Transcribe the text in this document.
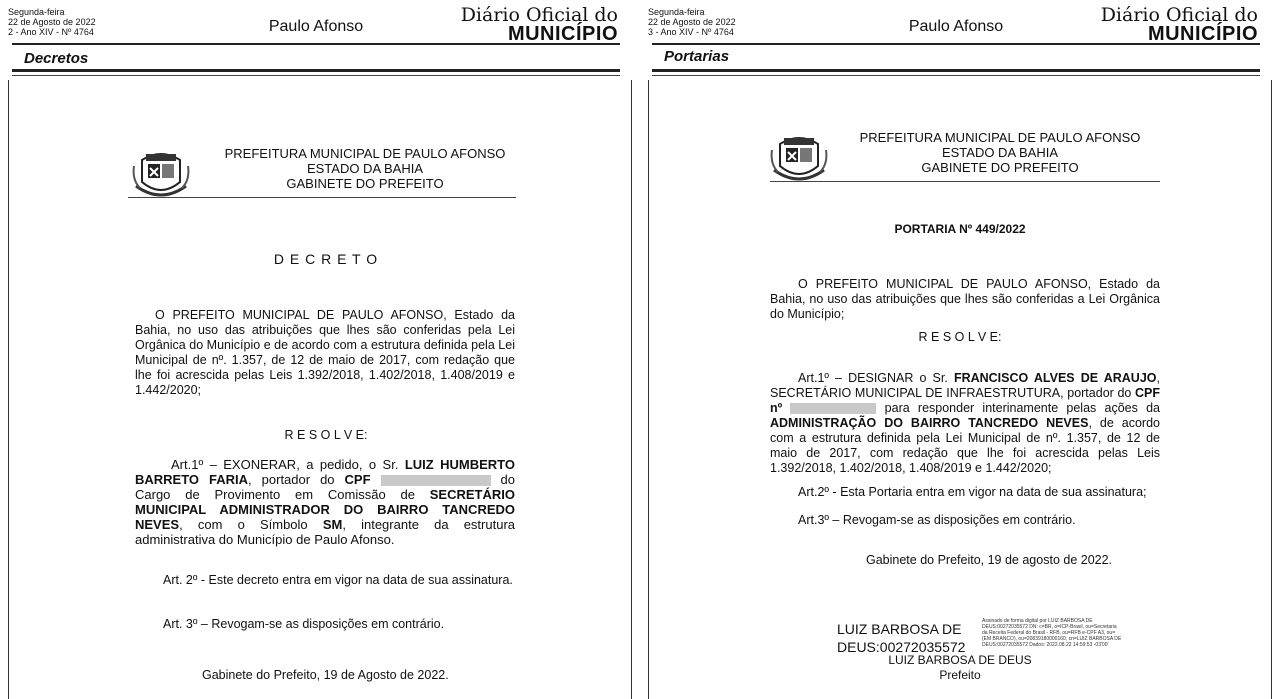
Segunda-feira
22 de Agosto de 2022
2 - Ano XIV - Nº 4764	Paulo Afonso
Diário Oficial do
MUNICÍPIO
Decretos
PREFEITURA MUNICIPAL DE PAULO AFONSO
ESTADO DA BAHIA
GABINETE DO PREFEITO
D E C R E T O
O PREFEITO MUNICIPAL DE PAULO AFONSO, Estado da Bahia, no uso das atribuições que lhes são conferidas pela Lei Orgânica do Município e de acordo com a estrutura definida pela Lei Municipal de nº. 1.357, de 12 de maio de 2017, com redação que lhe foi acrescida pelas Leis 1.392/2018, 1.402/2018, 1.408/2019 e 1.442/2020;
R E S O L V E:
Art.1º – EXONERAR, a pedido, o Sr. LUIZ HUMBERTO BARRETO FARIA, portador do CPF	do Cargo de Provimento em Comissão de SECRETÁRIO MUNICIPAL ADMINISTRADOR DO BAIRRO TANCREDO NEVES, com o Símbolo SM, integrante da estrutura administrativa do Município de Paulo Afonso.
Art. 2º - Este decreto entra em vigor na data de sua assinatura.
Art. 3º – Revogam-se as disposições em contrário.
Gabinete do Prefeito, 19 de Agosto de 2022.
Segunda-feira
22 de Agosto de 2022
3 - Ano XIV - Nº 4764	Paulo Afonso
Diário Oficial do
MUNICÍPIO
Portarias
PREFEITURA MUNICIPAL DE PAULO AFONSO
ESTADO DA BAHIA
GABINETE DO PREFEITO
PORTARIA Nº 449/2022
O PREFEITO MUNICIPAL DE PAULO AFONSO, Estado da Bahia, no uso das atribuições que lhes são conferidas a Lei Orgânica do Município;
R E S O L V E:
Art.1º – DESIGNAR o Sr. FRANCISCO ALVES DE ARAUJO, SECRETÁRIO MUNICIPAL DE INFRAESTRUTURA, portador do CPF nº	para responder interinamente pelas ações da ADMINISTRAÇÃO DO BAIRRO TANCREDO NEVES, de acordo com a estrutura definida pela Lei Municipal de nº. 1.357, de 12 de maio de 2017, com redação que lhe foi acrescida pelas Leis 1.392/2018, 1.402/2018, 1.408/2019 e 1.442/2020;
Art.2º - Esta Portaria entra em vigor na data de sua assinatura;
Art.3º – Revogam-se as disposições em contrário.
Gabinete do Prefeito, 19 de agosto de 2022.
LUIZ BARBOSA DE DEUS:00272035572
Assinado de forma digital por LUIZ BARBOSA DE DEUS:00272035572 DN: c=BR, o=ICP-Brasil, ou=Secretaria da Receita Federal do Brasil - RFB, ou=RFB e-CPF A3, ou=(EM BRANCO), ou=20839180000160, cn=LUIZ BARBOSA DE DEUS:00272035572 Dados: 2022.08.22 14:59:53 -03'00'
LUIZ BARBOSA DE DEUS
Prefeito
